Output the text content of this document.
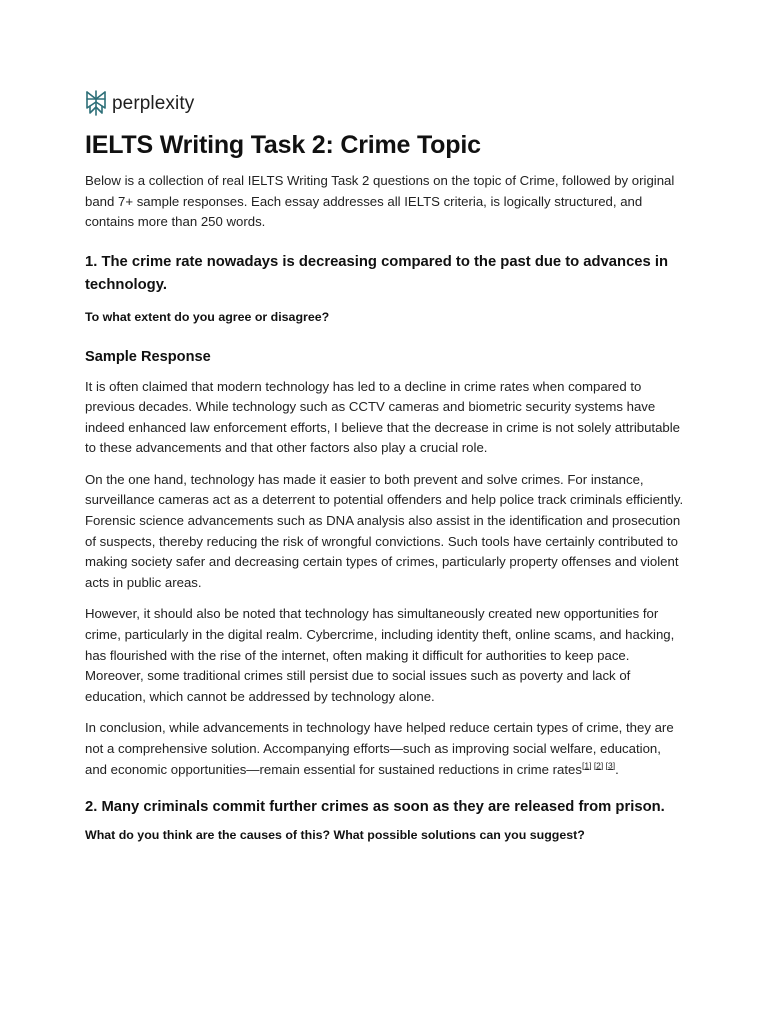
perplexity
IELTS Writing Task 2: Crime Topic

Below is a collection of real IELTS Writing Task 2 questions on the topic of Crime, followed by original band 7+ sample responses. Each essay addresses all IELTS criteria, is logically structured, and contains more than 250 words.

1. The crime rate nowadays is decreasing compared to the past due to advances in technology.
To what extent do you agree or disagree?
Sample Response

It is often claimed that modern technology has led to a decline in crime rates when compared to previous decades. While technology such as CCTV cameras and biometric security systems have indeed enhanced law enforcement efforts, I believe that the decrease in crime is not solely attributable to these advancements and that other factors also play a crucial role.

On the one hand, technology has made it easier to both prevent and solve crimes. For instance, surveillance cameras act as a deterrent to potential offenders and help police track criminals efficiently. Forensic science advancements such as DNA analysis also assist in the identification and prosecution of suspects, thereby reducing the risk of wrongful convictions. Such tools have certainly contributed to making society safer and decreasing certain types of crimes, particularly property offenses and violent acts in public areas.

However, it should also be noted that technology has simultaneously created new opportunities for crime, particularly in the digital realm. Cybercrime, including identity theft, online scams, and hacking, has flourished with the rise of the internet, often making it difficult for authorities to keep pace. Moreover, some traditional crimes still persist due to social issues such as poverty and lack of education, which cannot be addressed by technology alone.

In conclusion, while advancements in technology have helped reduce certain types of crime, they are not a comprehensive solution. Accompanying efforts—such as improving social welfare, education, and economic opportunities—remain essential for sustained reductions in crime rates[1] [2] [3].

2. Many criminals commit further crimes as soon as they are released from prison.
What do you think are the causes of this? What possible solutions can you suggest?
